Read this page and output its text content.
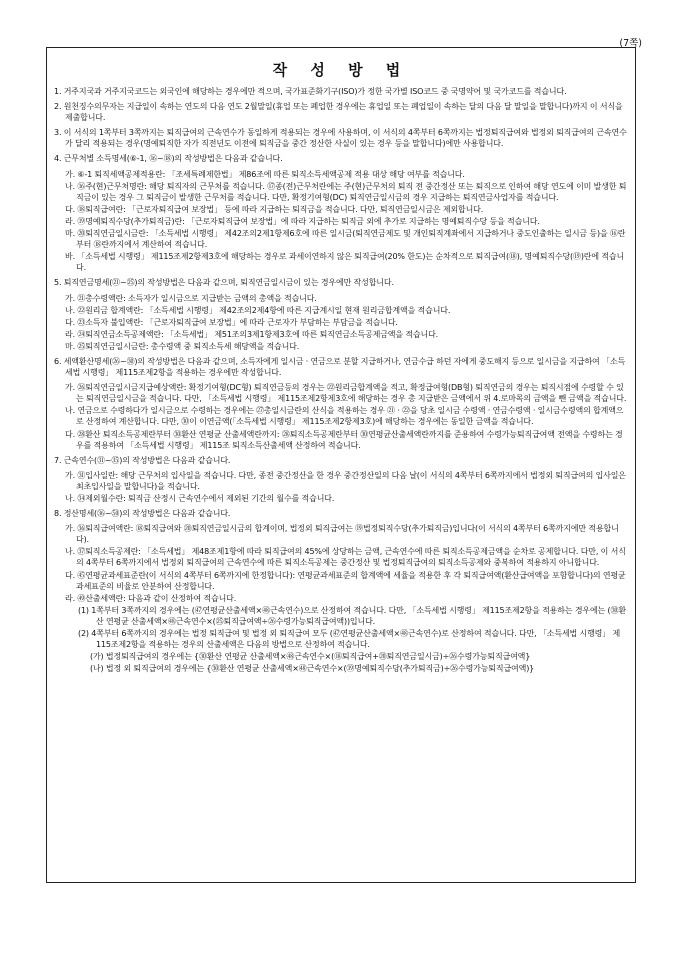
(7쪽)
작 성 방 법
1. 거주지국과 거주지국코드는 외국인에 해당하는 경우에만 적으며, 국가표준화기구(ISO)가 정한 국가별 ISO코드 중 국명약어 및 국가코드를 적습니다.
2. 원천징수의무자는 지급일이 속하는 연도의 다음 연도 2월말일(휴업 또는 폐업한 경우에는 휴업일 또는 폐업일이 속하는 달의 다음 달 말일을 말합니다)까지 이 서식을 제출합니다.
3. 이 서식의 1쪽부터 3쪽까지는 퇴직급여의 근속연수가 동일하게 적용되는 경우에 사용하며, 이 서식의 4쪽부터 6쪽까지는 법정퇴직급여와 법정외 퇴직급여의 근속연수가 달리 적용되는 경우(명예퇴직한 자가 직전년도 이전에 퇴직금을 중간 정산한 사실이 있는 경우 등을 말합니다)에만 사용합니다.
4. 근무처별 소득명세(⑥-1, ⑯~⑱)의 작성방법은 다음과 같습니다.
가. ⑥-1 퇴직세액공제적용란: 「조세특례제한법」 제86조에 따른 퇴직소득세액공제 적용 대상 해당 여부를 적습니다.
나. ⑯주(현)근무처명란: 해당 퇴직자의 근무처를 적습니다. ⑰종(전)근무처란에는 주(현)근무처의 퇴직 전 중간정산 또는 퇴직으로 인하여 해당 연도에 이미 발생한 퇴직금이 있는 경우 그 퇴직금이 발생한 근무처를 적습니다. 다만, 확정기여형(DC) 퇴직연금일시금의 경우 지급하는 퇴직연금사업자를 적습니다.
다. ⑱퇴직급여란: 「근로자퇴직급여 보장법」 등에 따라 지급하는 퇴직금을 적습니다. 다만, 퇴직연금일시금은 제외합니다.
라. ⑲명예퇴직수당(추가퇴직금)란: 「근로자퇴직급여 보장법」에 따라 지급하는 퇴직금 외에 추가로 지급하는 명예퇴직수당 등을 적습니다.
마. ⑳퇴직연금일시금란: 「소득세법 시행령」 제42조의2제1항제6호에 따른 일시금(퇴직연금제도 및 개인퇴직계좌에서 지급하거나 중도인출하는 일시금 등)을 ⑯란부터 ⑱란까지에서 계산하여 적습니다.
바. 「소득세법 시행령」 제115조제2항제3호에 해당하는 경우로 과세이연하지 않은 퇴직급여(20% 한도)는 순차적으로 퇴직급여(⑱), 명예퇴직수당(⑲)란에 적습니다.
5. 퇴직연금명세(㉑~㉕)의 작성방법은 다음과 같으며, 퇴직연금일시금이 있는 경우에만 작성합니다.
가. ㉑총수령액란: 소득자가 일시금으로 지급받는 금액의 총액을 적습니다.
나. ㉒원리금 합계액란: 「소득세법 시행령」 제42조의2제4항에 따른 지급계시일 현재 원리금합계액을 적습니다.
다. ㉓소득자 불입액란: 「근로자퇴직급여 보장법」에 따라 근로자가 부담하는 부담금을 적습니다.
라. ㉔퇴직연금소득공제액란: 「소득세법」 제51조의3제1항제3호에 따른 퇴직연금소득공제금액을 적습니다.
마. ㉕퇴직연금일시금란: 총수령액 중 퇴직소득세 해당액을 적습니다.
6. 세액환산명세(㉖~㉚)의 작성방법은 다음과 같으며, 소득자에게 일시금 · 연금으로 분할 지급하거나, 연금수급 하던 자에게 중도해지 등으로 일시금을 지급하여 「소득세법 시행령」 제115조제2항을 적용하는 경우에만 작성합니다.
가. ㉖퇴직연금일시금지급예상액란: 확정기여형(DC형) 퇴직연금등의 경우는 ㉒원리금합계액을 적고, 확정급여형(DB형) 퇴직연금의 경우는 퇴직시점에 수령할 수 있는 퇴직연금일시금을 적습니다. 다만, 「소득세법 시행령」 제115조제2항제3호에 해당하는 경우 총 지급받은 금액에서 위 4.로마목의 금액을 뺀 금액을 적습니다.
나. 연금으로 수령하다가 일시금으로 수령하는 경우에는 ㉗총일시금란의 산식을 적용하는 경우 ㉑ · ㉒을 당초 일시금 수령액 · 연금수령액 · 일시금수령액의 합계액으로 산정하여 계산합니다. 다만, ㉚이 이연금액(「소득세법 시행령」 제115조제2항제3호)에 해당하는 경우에는 동일한 금액을 적습니다.
다. ㉘환산 퇴직소득공제란부터 ㉚환산 연평균 산출세액란까지: ㉘퇴직소득공제란부터 ㉚연평균산출세액란까지를 준용하여 수령가능퇴직급여액 전액을 수령하는 경우를 적용하여 「소득세법 시행령」 제115조 퇴직소득산출세액 산정하여 적습니다.
7. 근속연수(㉛~㉟)의 작성방법은 다음과 같습니다.
가. ㉛입사일란: 해당 근무처의 입사일을 적습니다. 다만, 종전 중간정산을 한 경우 중간정산일의 다음 날(이 서식의 4쪽부터 6쪽까지에서 법정외 퇴직급여의 입사일은 최초입사일을 말합니다)을 적습니다.
나. ㉞제외월수란: 퇴직금 산정시 근속연수에서 제외된 기간의 월수를 적습니다.
8. 정산명세(㊱~㊿)의 작성방법은 다음과 같습니다.
가. ㊱퇴직급여액란: ⑱퇴직급여와 ⑳퇴직연금일시금의 합계이며, 법정외 퇴직급여는 ⑲법정퇴직수당(추가퇴직금)입니다(이 서식의 4쪽부터 6쪽까지에만 적용합니다).
나. ㊲퇴직소득공제란: 「소득세법」 제48조제1항에 따라 퇴직급여의 45%에 상당하는 금액, 근속연수에 따른 퇴직소득공제금액을 순차로 공제합니다. 다만, 이 서식의 4쪽부터 6쪽까지에서 법정외 퇴직급여의 근속연수에 따른 퇴직소득공제는 중간정산 및 법정퇴직급여의 퇴직소득공제와 중복하여 적용하지 아니합니다.
다. ㊺연평균과세표준란(이 서식의 4쪽부터 6쪽까지에 한정합니다): 연평균과세표준의 합계액에 세율을 적용한 후 각 퇴직급여액(환산급여액을 포함합니다)의 연평균과세표준의 비율로 안분하여 산정합니다.
라. ㊾산출세액란: 다음과 같이 산정하여 적습니다.
(1) 1쪽부터 3쪽까지의 경우에는 (㊼연평균산출세액×㊽근속연수)으로 산정하여 적습니다. 다만, 「소득세법 시행령」 제115조제2항을 적용하는 경우에는 (㉚환산 연평균 산출세액×㊽근속연수×(㉕퇴직급여액÷㉖수령가능퇴직급여액))입니다.
(2) 4쪽부터 6쪽까지의 경우에는 법정 퇴직급여 및 법정 외 퇴직급여 모두 (㊼연평균산출세액×㊽근속연수)로 산정하여 적습니다. 다만, 「소득세법 시행령」 제115조제2항을 적용하는 경우의 산출세액은 다음의 방법으로 산정하여 적습니다.
(가) 법정퇴직급여의 경우에는 {㉚환산 연평균 산출세액×㊽근속연수×(⑱퇴직급여+⑳퇴직연금일시금)÷㉖수령가능퇴직급여액}
(나) 법정 외 퇴직급여의 경우에는 {㉚환산 연평균 산출세액×㊽근속연수×(⑲명예퇴직수당(추가퇴직금)÷㉖수령가능퇴직급여액)}
